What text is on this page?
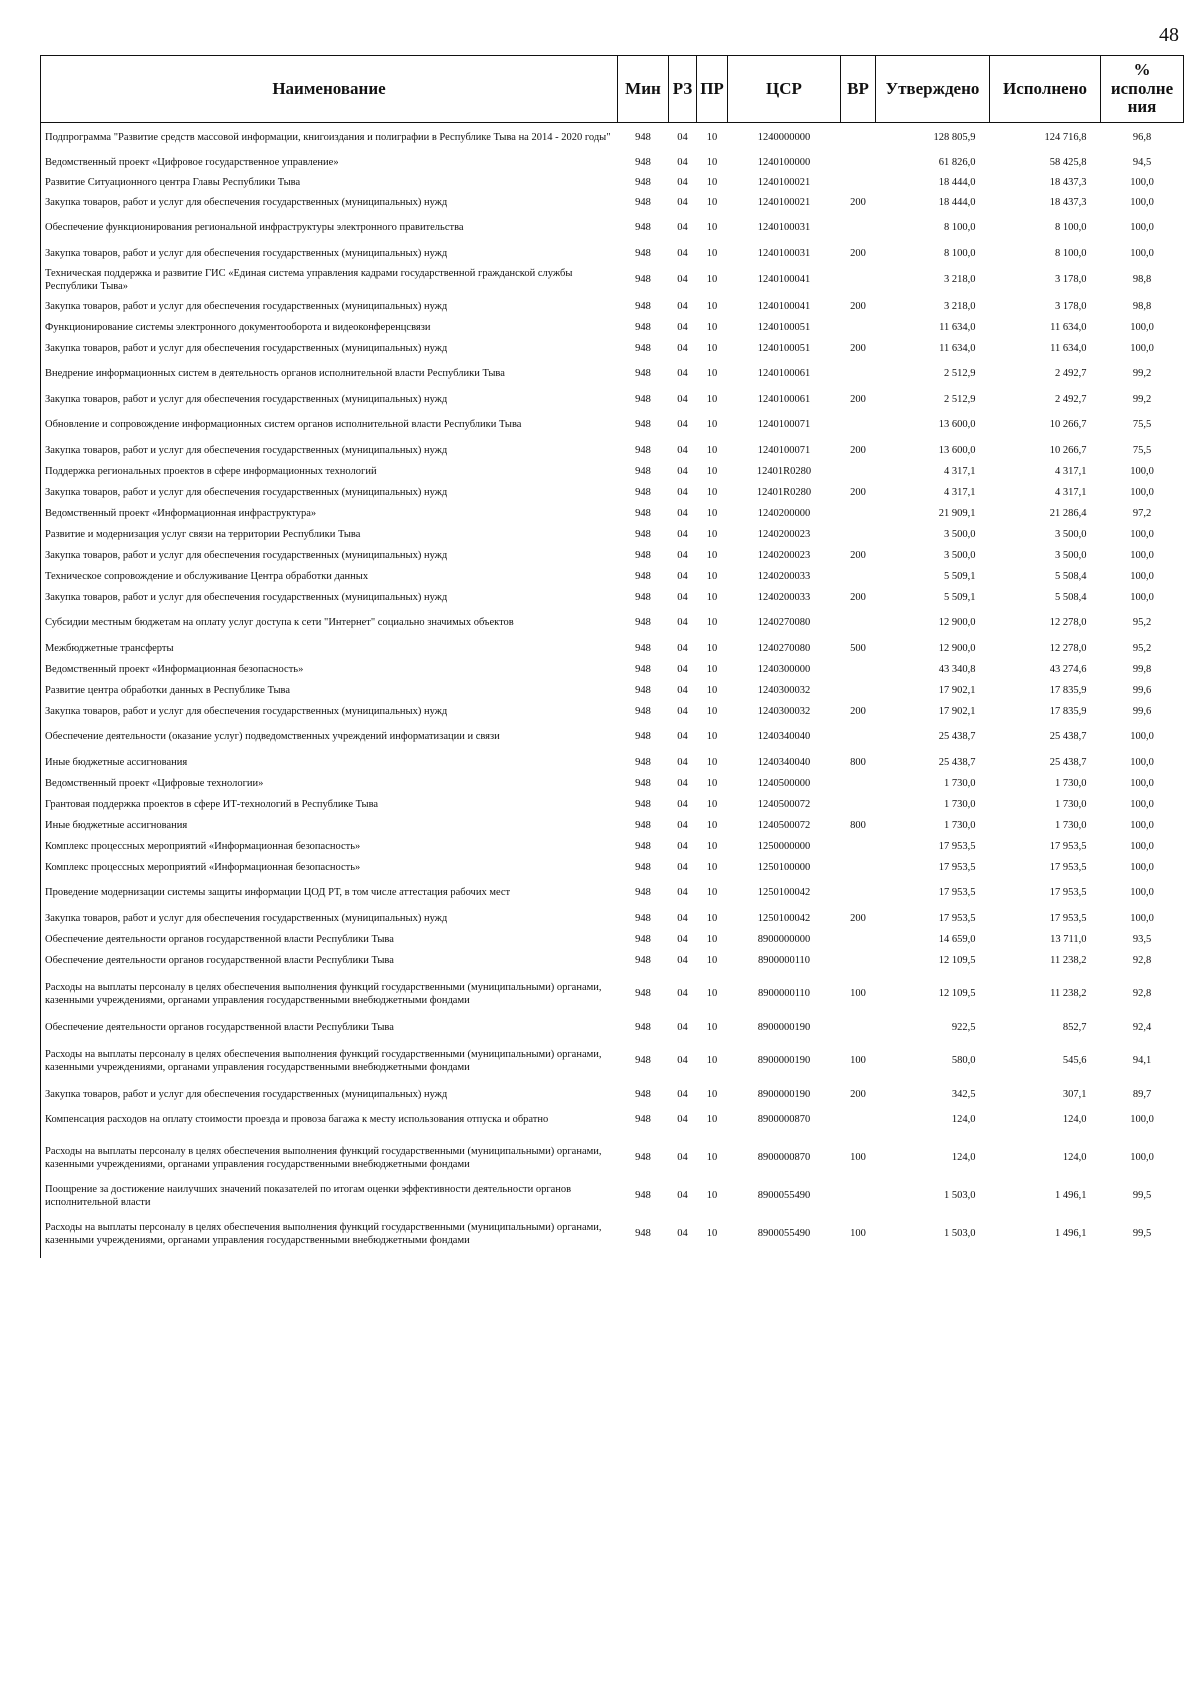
48
Наименование	Мин	РЗ	ПР	ЦСР	ВР	Утверждено	Исполнено	% исполне ния
Подпрограмма "Развитие средств массовой информации, книгоиздания и полиграфии в Республике Тыва на 2014 - 2020 годы"	948	04	10	1240000000		128 805,9	124 716,8	96,8
Ведомственный проект «Цифровое государственное управление»	948	04	10	1240100000		61 826,0	58 425,8	94,5
Развитие Ситуационного центра Главы Республики Тыва	948	04	10	1240100021		18 444,0	18 437,3	100,0
Закупка товаров, работ и услуг для обеспечения государственных (муниципальных) нужд	948	04	10	1240100021	200	18 444,0	18 437,3	100,0
Обеспечение функционирования региональной инфраструктуры электронного правительства	948	04	10	1240100031		8 100,0	8 100,0	100,0
Закупка товаров, работ и услуг для обеспечения государственных (муниципальных) нужд	948	04	10	1240100031	200	8 100,0	8 100,0	100,0
Техническая поддержка и развитие ГИС «Единая система управления кадрами государственной гражданской службы Республики Тыва»	948	04	10	1240100041		3 218,0	3 178,0	98,8
Закупка товаров, работ и услуг для обеспечения государственных (муниципальных) нужд	948	04	10	1240100041	200	3 218,0	3 178,0	98,8
Функционирование системы электронного документооборота и видеоконференцсвязи	948	04	10	1240100051		11 634,0	11 634,0	100,0
Закупка товаров, работ и услуг для обеспечения государственных (муниципальных) нужд	948	04	10	1240100051	200	11 634,0	11 634,0	100,0
Внедрение информационных систем в деятельность органов исполнительной власти Республики Тыва	948	04	10	1240100061		2 512,9	2 492,7	99,2
Закупка товаров, работ и услуг для обеспечения государственных (муниципальных) нужд	948	04	10	1240100061	200	2 512,9	2 492,7	99,2
Обновление и сопровождение информационных систем органов исполнительной власти Республики Тыва	948	04	10	1240100071		13 600,0	10 266,7	75,5
Закупка товаров, работ и услуг для обеспечения государственных (муниципальных) нужд	948	04	10	1240100071	200	13 600,0	10 266,7	75,5
Поддержка региональных проектов в сфере информационных технологий	948	04	10	12401R0280		4 317,1	4 317,1	100,0
Закупка товаров, работ и услуг для обеспечения государственных (муниципальных) нужд	948	04	10	12401R0280	200	4 317,1	4 317,1	100,0
Ведомственный проект «Информационная инфраструктура»	948	04	10	1240200000		21 909,1	21 286,4	97,2
Развитие и модернизация услуг связи на территории Республики Тыва	948	04	10	1240200023		3 500,0	3 500,0	100,0
Закупка товаров, работ и услуг для обеспечения государственных (муниципальных) нужд	948	04	10	1240200023	200	3 500,0	3 500,0	100,0
Техническое сопровождение и обслуживание Центра обработки данных	948	04	10	1240200033		5 509,1	5 508,4	100,0
Закупка товаров, работ и услуг для обеспечения государственных (муниципальных) нужд	948	04	10	1240200033	200	5 509,1	5 508,4	100,0
Субсидии местным бюджетам на оплату услуг доступа к сети "Интернет" социально значимых объектов	948	04	10	1240270080		12 900,0	12 278,0	95,2
Межбюджетные трансферты	948	04	10	1240270080	500	12 900,0	12 278,0	95,2
Ведомственный проект «Информационная безопасность»	948	04	10	1240300000		43 340,8	43 274,6	99,8
Развитие центра обработки данных в Республике Тыва	948	04	10	1240300032		17 902,1	17 835,9	99,6
Закупка товаров, работ и услуг для обеспечения государственных (муниципальных) нужд	948	04	10	1240300032	200	17 902,1	17 835,9	99,6
Обеспечение деятельности (оказание услуг) подведомственных учреждений информатизации и связи	948	04	10	1240340040		25 438,7	25 438,7	100,0
Иные бюджетные ассигнования	948	04	10	1240340040	800	25 438,7	25 438,7	100,0
Ведомственный проект «Цифровые технологии»	948	04	10	1240500000		1 730,0	1 730,0	100,0
Грантовая поддержка проектов в сфере ИТ-технологий в Республике Тыва	948	04	10	1240500072		1 730,0	1 730,0	100,0
Иные бюджетные ассигнования	948	04	10	1240500072	800	1 730,0	1 730,0	100,0
Комплекс процессных мероприятий «Информационная безопасность»	948	04	10	1250000000		17 953,5	17 953,5	100,0
Комплекс процессных мероприятий «Информационная безопасность»	948	04	10	1250100000		17 953,5	17 953,5	100,0
Проведение модернизации системы защиты информации ЦОД РТ, в том числе аттестация рабочих мест	948	04	10	1250100042		17 953,5	17 953,5	100,0
Закупка товаров, работ и услуг для обеспечения государственных (муниципальных) нужд	948	04	10	1250100042	200	17 953,5	17 953,5	100,0
Обеспечение деятельности органов государственной власти Республики Тыва	948	04	10	8900000000		14 659,0	13 711,0	93,5
Обеспечение деятельности органов государственной власти Республики Тыва	948	04	10	8900000110		12 109,5	11 238,2	92,8
Расходы на выплаты персоналу в целях обеспечения выполнения функций государственными (муниципальными) органами, казенными учреждениями, органами управления государственными внебюджетными фондами	948	04	10	8900000110	100	12 109,5	11 238,2	92,8
Обеспечение деятельности органов государственной власти Республики Тыва	948	04	10	8900000190		922,5	852,7	92,4
Расходы на выплаты персоналу в целях обеспечения выполнения функций государственными (муниципальными) органами, казенными учреждениями, органами управления государственными внебюджетными фондами	948	04	10	8900000190	100	580,0	545,6	94,1
Закупка товаров, работ и услуг для обеспечения государственных (муниципальных) нужд	948	04	10	8900000190	200	342,5	307,1	89,7
Компенсация расходов на оплату стоимости проезда и провоза багажа к месту использования отпуска и обратно	948	04	10	8900000870		124,0	124,0	100,0
Расходы на выплаты персоналу в целях обеспечения выполнения функций государственными (муниципальными) органами, казенными учреждениями, органами управления государственными внебюджетными фондами	948	04	10	8900000870	100	124,0	124,0	100,0
Поощрение за достижение наилучших значений показателей по итогам оценки эффективности деятельности органов исполнительной власти	948	04	10	8900055490		1 503,0	1 496,1	99,5
Расходы на выплаты персоналу в целях обеспечения выполнения функций государственными (муниципальными) органами, казенными учреждениями, органами управления государственными внебюджетными фондами	948	04	10	8900055490	100	1 503,0	1 496,1	99,5
